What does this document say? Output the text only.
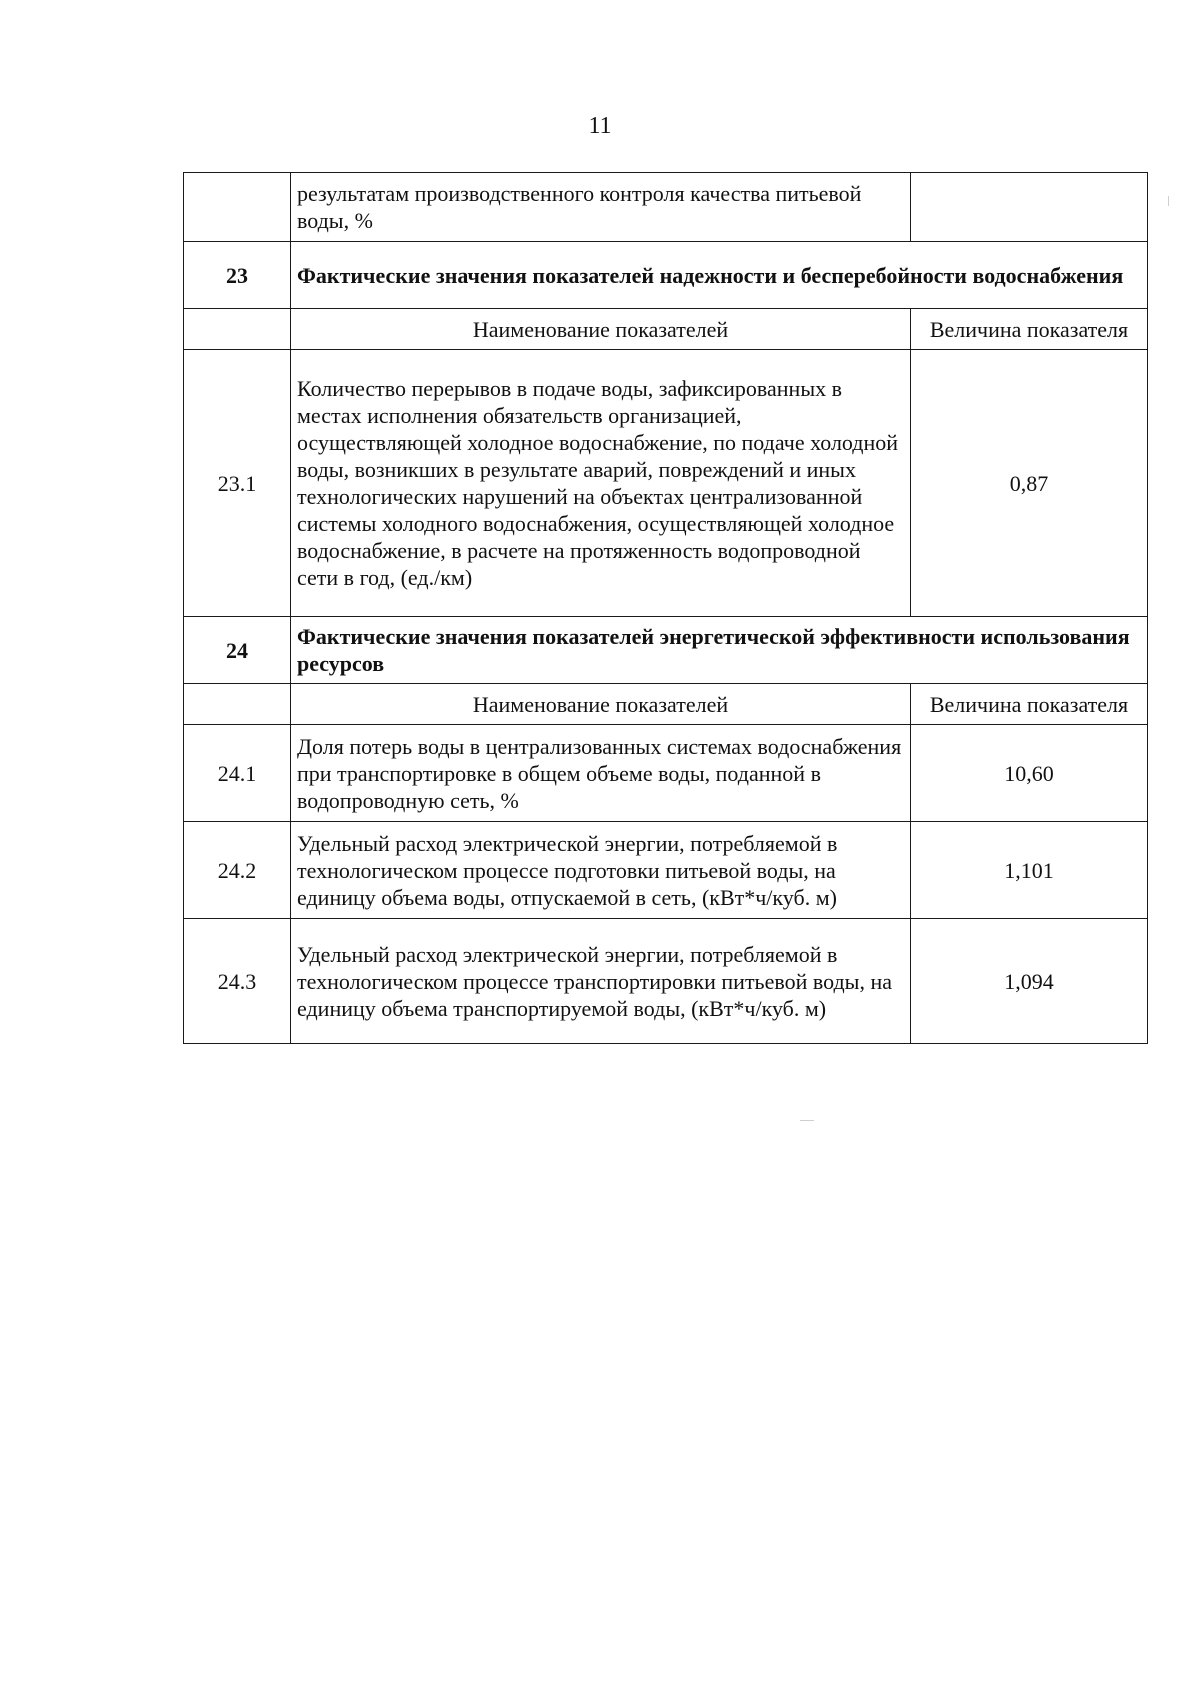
11
	результатам производственного контроля качества питьевой воды, %	
23	Фактические значения показателей надежности и бесперебойности водоснабжения	
	Наименование показателей	Величина показателя
23.1	Количество перерывов в подаче воды, зафиксированных в местах исполнения обязательств организацией, осуществляющей холодное водоснабжение, по подаче холодной воды, возникших в результате аварий, повреждений и иных технологических нарушений на объектах централизованной системы холодного водоснабжения, осуществляющей холодное водоснабжение, в расчете на протяженность водопроводной сети в год, (ед./км)	0,87
24	Фактические значения показателей энергетической эффективности использования ресурсов	
	Наименование показателей	Величина показателя
24.1	Доля потерь воды в централизованных системах водоснабжения при транспортировке в общем объеме воды, поданной в водопроводную сеть, %	10,60
24.2	Удельный расход электрической энергии, потребляемой в технологическом процессе подготовки питьевой воды, на единицу объема воды, отпускаемой в сеть, (кВт*ч/куб. м)	1,101
24.3	Удельный расход электрической энергии, потребляемой в технологическом процессе транспортировки питьевой воды, на единицу объема транспортируемой воды, (кВт*ч/куб. м)	1,094
